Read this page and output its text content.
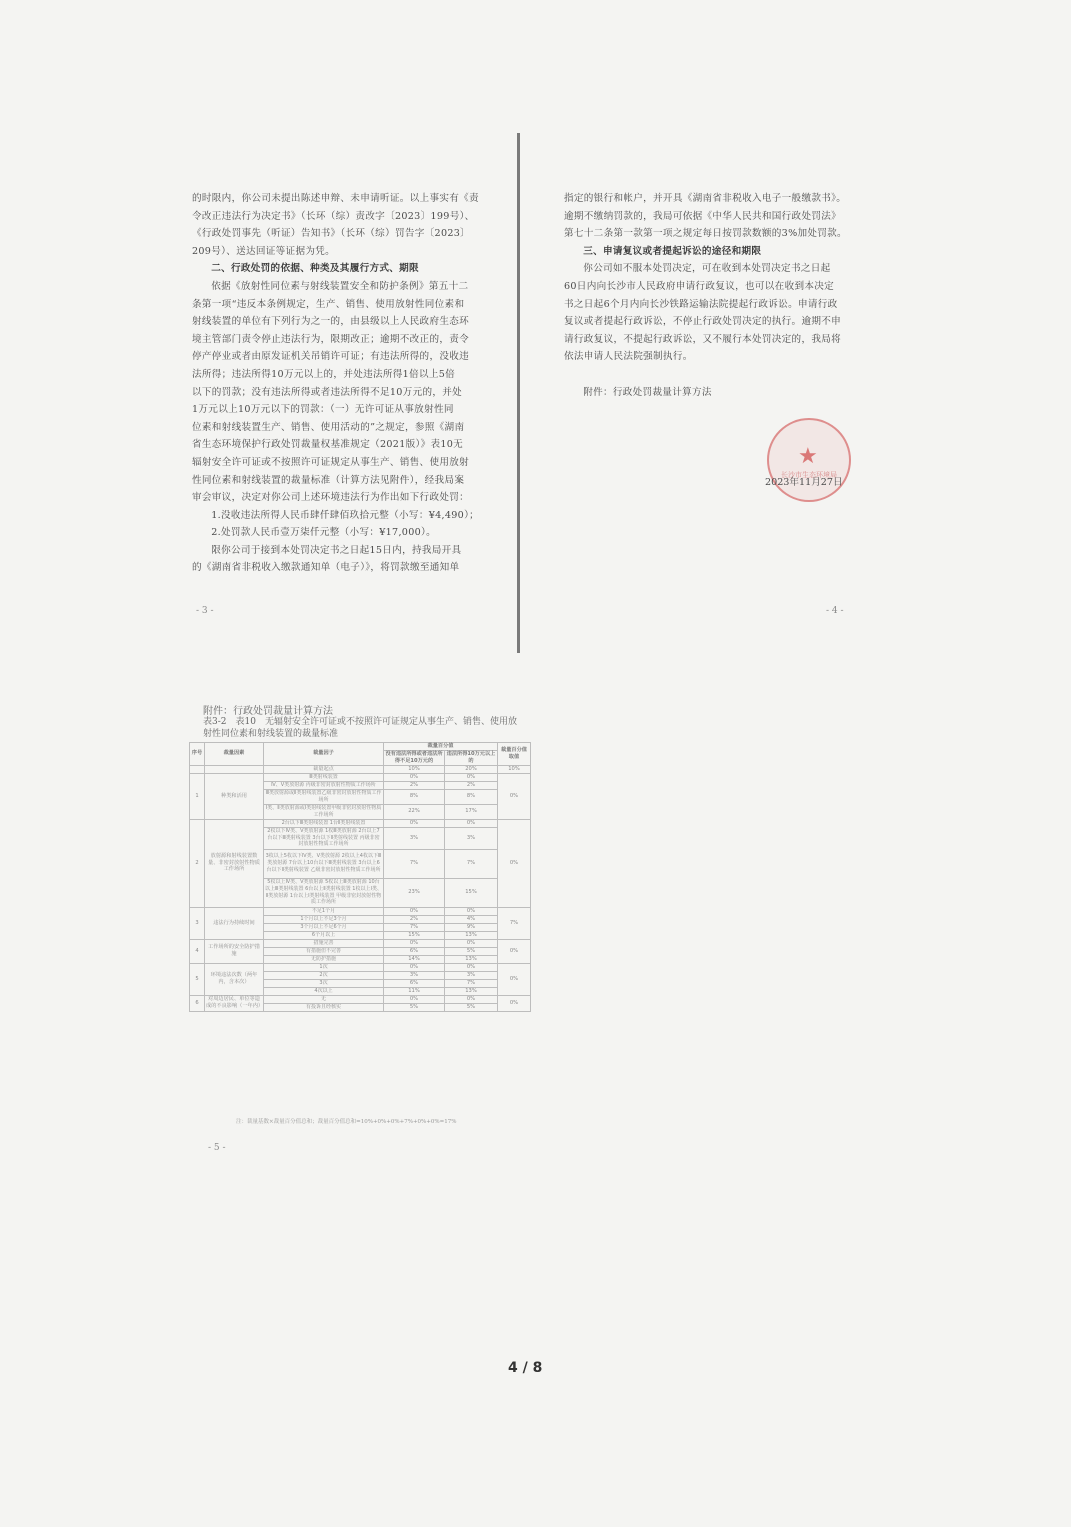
的时限内，你公司未提出陈述申辩、未申请听证。以上事实有《责

令改正违法行为决定书》（长环（综）责改字〔2023〕199号）、

《行政处罚事先（听证）告知书》（长环（综）罚告字〔2023〕

209号）、送达回证等证据为凭。

二、行政处罚的依据、种类及其履行方式、期限

依据《放射性同位素与射线装置安全和防护条例》第五十二

条第一项“违反本条例规定，生产、销售、使用放射性同位素和

射线装置的单位有下列行为之一的，由县级以上人民政府生态环

境主管部门责令停止违法行为，限期改正；逾期不改正的，责令

停产停业或者由原发证机关吊销许可证；有违法所得的，没收违

法所得；违法所得10万元以上的，并处违法所得1倍以上5倍

以下的罚款；没有违法所得或者违法所得不足10万元的，并处

1万元以上10万元以下的罚款：（一）无许可证从事放射性同

位素和射线装置生产、销售、使用活动的”之规定，参照《湖南

省生态环境保护行政处罚裁量权基准规定（2021版）》表10无

辐射安全许可证或不按照许可证规定从事生产、销售、使用放射

性同位素和射线装置的裁量标准（计算方法见附件），经我局案

审会审议，决定对你公司上述环境违法行为作出如下行政处罚：

1.没收违法所得人民币肆仟肆佰玖拾元整（小写：¥4,490）；

2.处罚款人民币壹万柒仟元整（小写：¥17,000）。

限你公司于接到本处罚决定书之日起15日内，持我局开具

的《湖南省非税收入缴款通知单（电子）》，将罚款缴至通知单

指定的银行和帐户，并开具《湖南省非税收入电子一般缴款书》。

逾期不缴纳罚款的，我局可依据《中华人民共和国行政处罚法》

第七十二条第一款第一项之规定每日按罚款数额的3%加处罚款。

三、申请复议或者提起诉讼的途径和期限

你公司如不服本处罚决定，可在收到本处罚决定书之日起

60日内向长沙市人民政府申请行政复议，也可以在收到本决定

书之日起6个月内向长沙铁路运输法院提起行政诉讼。申请行政

复议或者提起行政诉讼，不停止行政处罚决定的执行。逾期不申

请行政复议，不提起行政诉讼，又不履行本处罚决定的，我局将

依法申请人民法院强制执行。

附件：行政处罚裁量计算方法

- 3 -	- 4 -
★
长沙市生态环境局
2023年11月27日
附件：行政处罚裁量计算方法
表3-2　表10　无辐射安全许可证或不按照许可证规定从事生产、销售、使用放射性同位素和射线装置的裁量标准
序号	裁量因素	裁量因子	裁量百分值		裁量百分值取值
			没有违法所得或者违法所得不足10万元的	违法所得10万元以上的	
		裁量起点	10%	20%	10%
1	种类和活用	Ⅲ类射线装置	0%	0%	0%
		Ⅳ、Ⅴ类放射源 丙级非密封放射性物质工作场所	2%	2%	
		Ⅲ类放射源或Ⅱ类射线装置乙级非密封放射性物质工作场所	8%	8%	
		Ⅰ类、Ⅱ类放射源或Ⅰ类射线装置甲级非密封放射性物质工作场所	22%	17%	
2	放射源和射线装置数量、非密封放射性物质工作场所	2台以下Ⅲ类射线装置 1台Ⅱ类射线装置	0%	0%	0%
		2枚以下Ⅳ类、Ⅴ类放射源 1枚Ⅲ类放射源 2台以上7台以下Ⅲ类射线装置 3台以下Ⅱ类射线装置 丙级非密封放射性物质工作场所	3%	3%	
		3枚以上5枚以下Ⅳ类、Ⅴ类放射源 2枚以上4枚以下Ⅲ类放射源 7台以上10台以下Ⅲ类射线装置 3台以上6台以下Ⅱ类射线装置 乙级非密封放射性物质工作场所	7%	7%	
		5枚以上Ⅳ类、Ⅴ类放射源 5枚以上Ⅲ类放射源 10台以上Ⅲ类射线装置 6台以上Ⅱ类射线装置 1枚以上Ⅰ类、Ⅱ类放射源 1台以上Ⅰ类射线装置 甲级非密封放射性物质工作场所	23%	15%	
3	违法行为持续时间	不足1个月	0%	0%	7%
		1个月以上不足3个月	2%	4%	
		3个月以上不足6个月	7%	9%	
		6个月以上	15%	13%	
4	工作场所的安全防护措施	措施完善	0%	0%	0%
		有措施但不完善	6%	5%	
		无防护措施	14%	13%	
5	环境违法次数（两年内，含本次）	1次	0%	0%	0%
		2次	3%	3%	
		3次	6%	7%	
		4次以上	11%	13%	
6	对周边居民、单位等造成的不良影响（一年内）	无	0%	0%	0%
		有投诉且经核实	5%	5%	
注：裁量基数×裁量百分值总和；裁量百分值总和=10%+0%+0%+7%+0%+0%=17%
- 5 -
4 / 8
